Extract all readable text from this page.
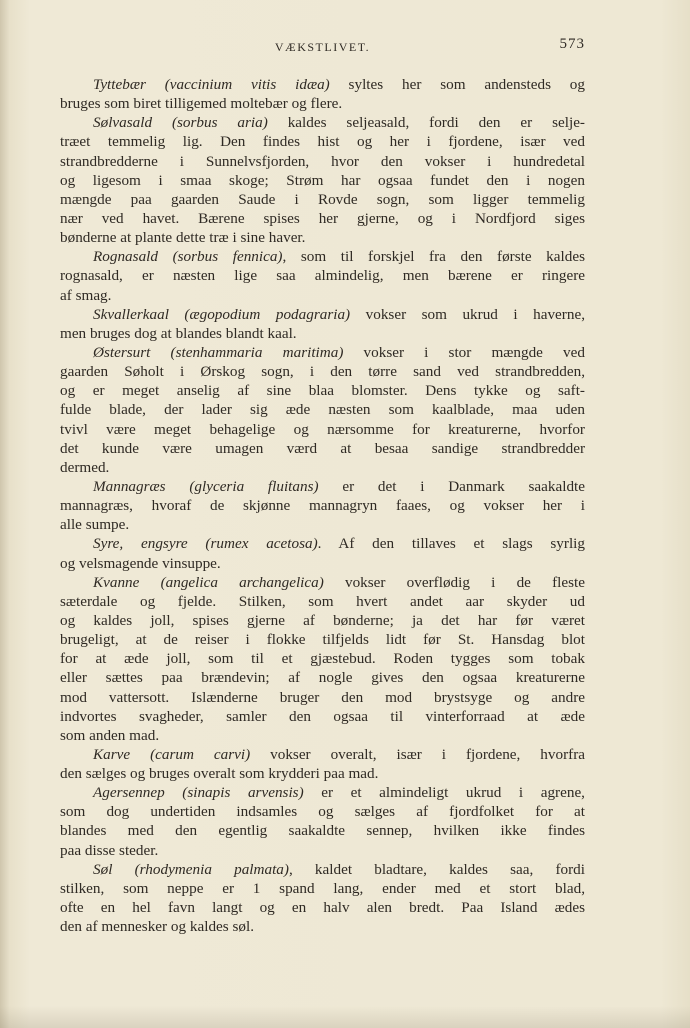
VÆKSTLIVET.	573
Tyttebær (vaccinium vitis idæa) syltes her som andensteds og
bruges som biret tilligemed moltebær og flere.
Sølvasald (sorbus aria) kaldes seljeasald, fordi den er selje-
træet temmelig lig. Den findes hist og her i fjordene, især ved
strandbredderne i Sunnelvsfjorden, hvor den vokser i hundredetal
og ligesom i smaa skoge; Strøm har ogsaa fundet den i nogen
mængde paa gaarden Saude i Rovde sogn, som ligger temmelig
nær ved havet. Bærene spises her gjerne, og i Nordfjord siges
bønderne at plante dette træ i sine haver.
Rognasald (sorbus fennica), som til forskjel fra den første kaldes
rognasald, er næsten lige saa almindelig, men bærene er ringere
af smag.
Skvallerkaal (ægopodium podagraria) vokser som ukrud i haverne,
men bruges dog at blandes blandt kaal.
Østersurt (stenhammaria maritima) vokser i stor mængde ved
gaarden Søholt i Ørskog sogn, i den tørre sand ved strandbredden,
og er meget anselig af sine blaa blomster. Dens tykke og saft-
fulde blade, der lader sig æde næsten som kaalblade, maa uden
tvivl være meget behagelige og nærsomme for kreaturerne, hvorfor
det kunde være umagen værd at besaa sandige strandbredder
dermed.
Mannagræs (glyceria fluitans) er det i Danmark saakaldte
mannagræs, hvoraf de skjønne mannagryn faaes, og vokser her i
alle sumpe.
Syre, engsyre (rumex acetosa). Af den tillaves et slags syrlig
og velsmagende vinsuppe.
Kvanne (angelica archangelica) vokser overflødig i de fleste
sæterdale og fjelde. Stilken, som hvert andet aar skyder ud
og kaldes joll, spises gjerne af bønderne; ja det har før været
brugeligt, at de reiser i flokke tilfjelds lidt før St. Hansdag blot
for at æde joll, som til et gjæstebud. Roden tygges som tobak
eller sættes paa brændevin; af nogle gives den ogsaa kreaturerne
mod vattersott. Islænderne bruger den mod brystsyge og andre
indvortes svagheder, samler den ogsaa til vinterforraad at æde
som anden mad.
Karve (carum carvi) vokser overalt, især i fjordene, hvorfra
den sælges og bruges overalt som krydderi paa mad.
Agersennep (sinapis arvensis) er et almindeligt ukrud i agrene,
som dog undertiden indsamles og sælges af fjordfolket for at
blandes med den egentlig saakaldte sennep, hvilken ikke findes
paa disse steder.
Søl (rhodymenia palmata), kaldet bladtare, kaldes saa, fordi
stilken, som neppe er 1 spand lang, ender med et stort blad,
ofte en hel favn langt og en halv alen bredt. Paa Island ædes
den af mennesker og kaldes søl.
